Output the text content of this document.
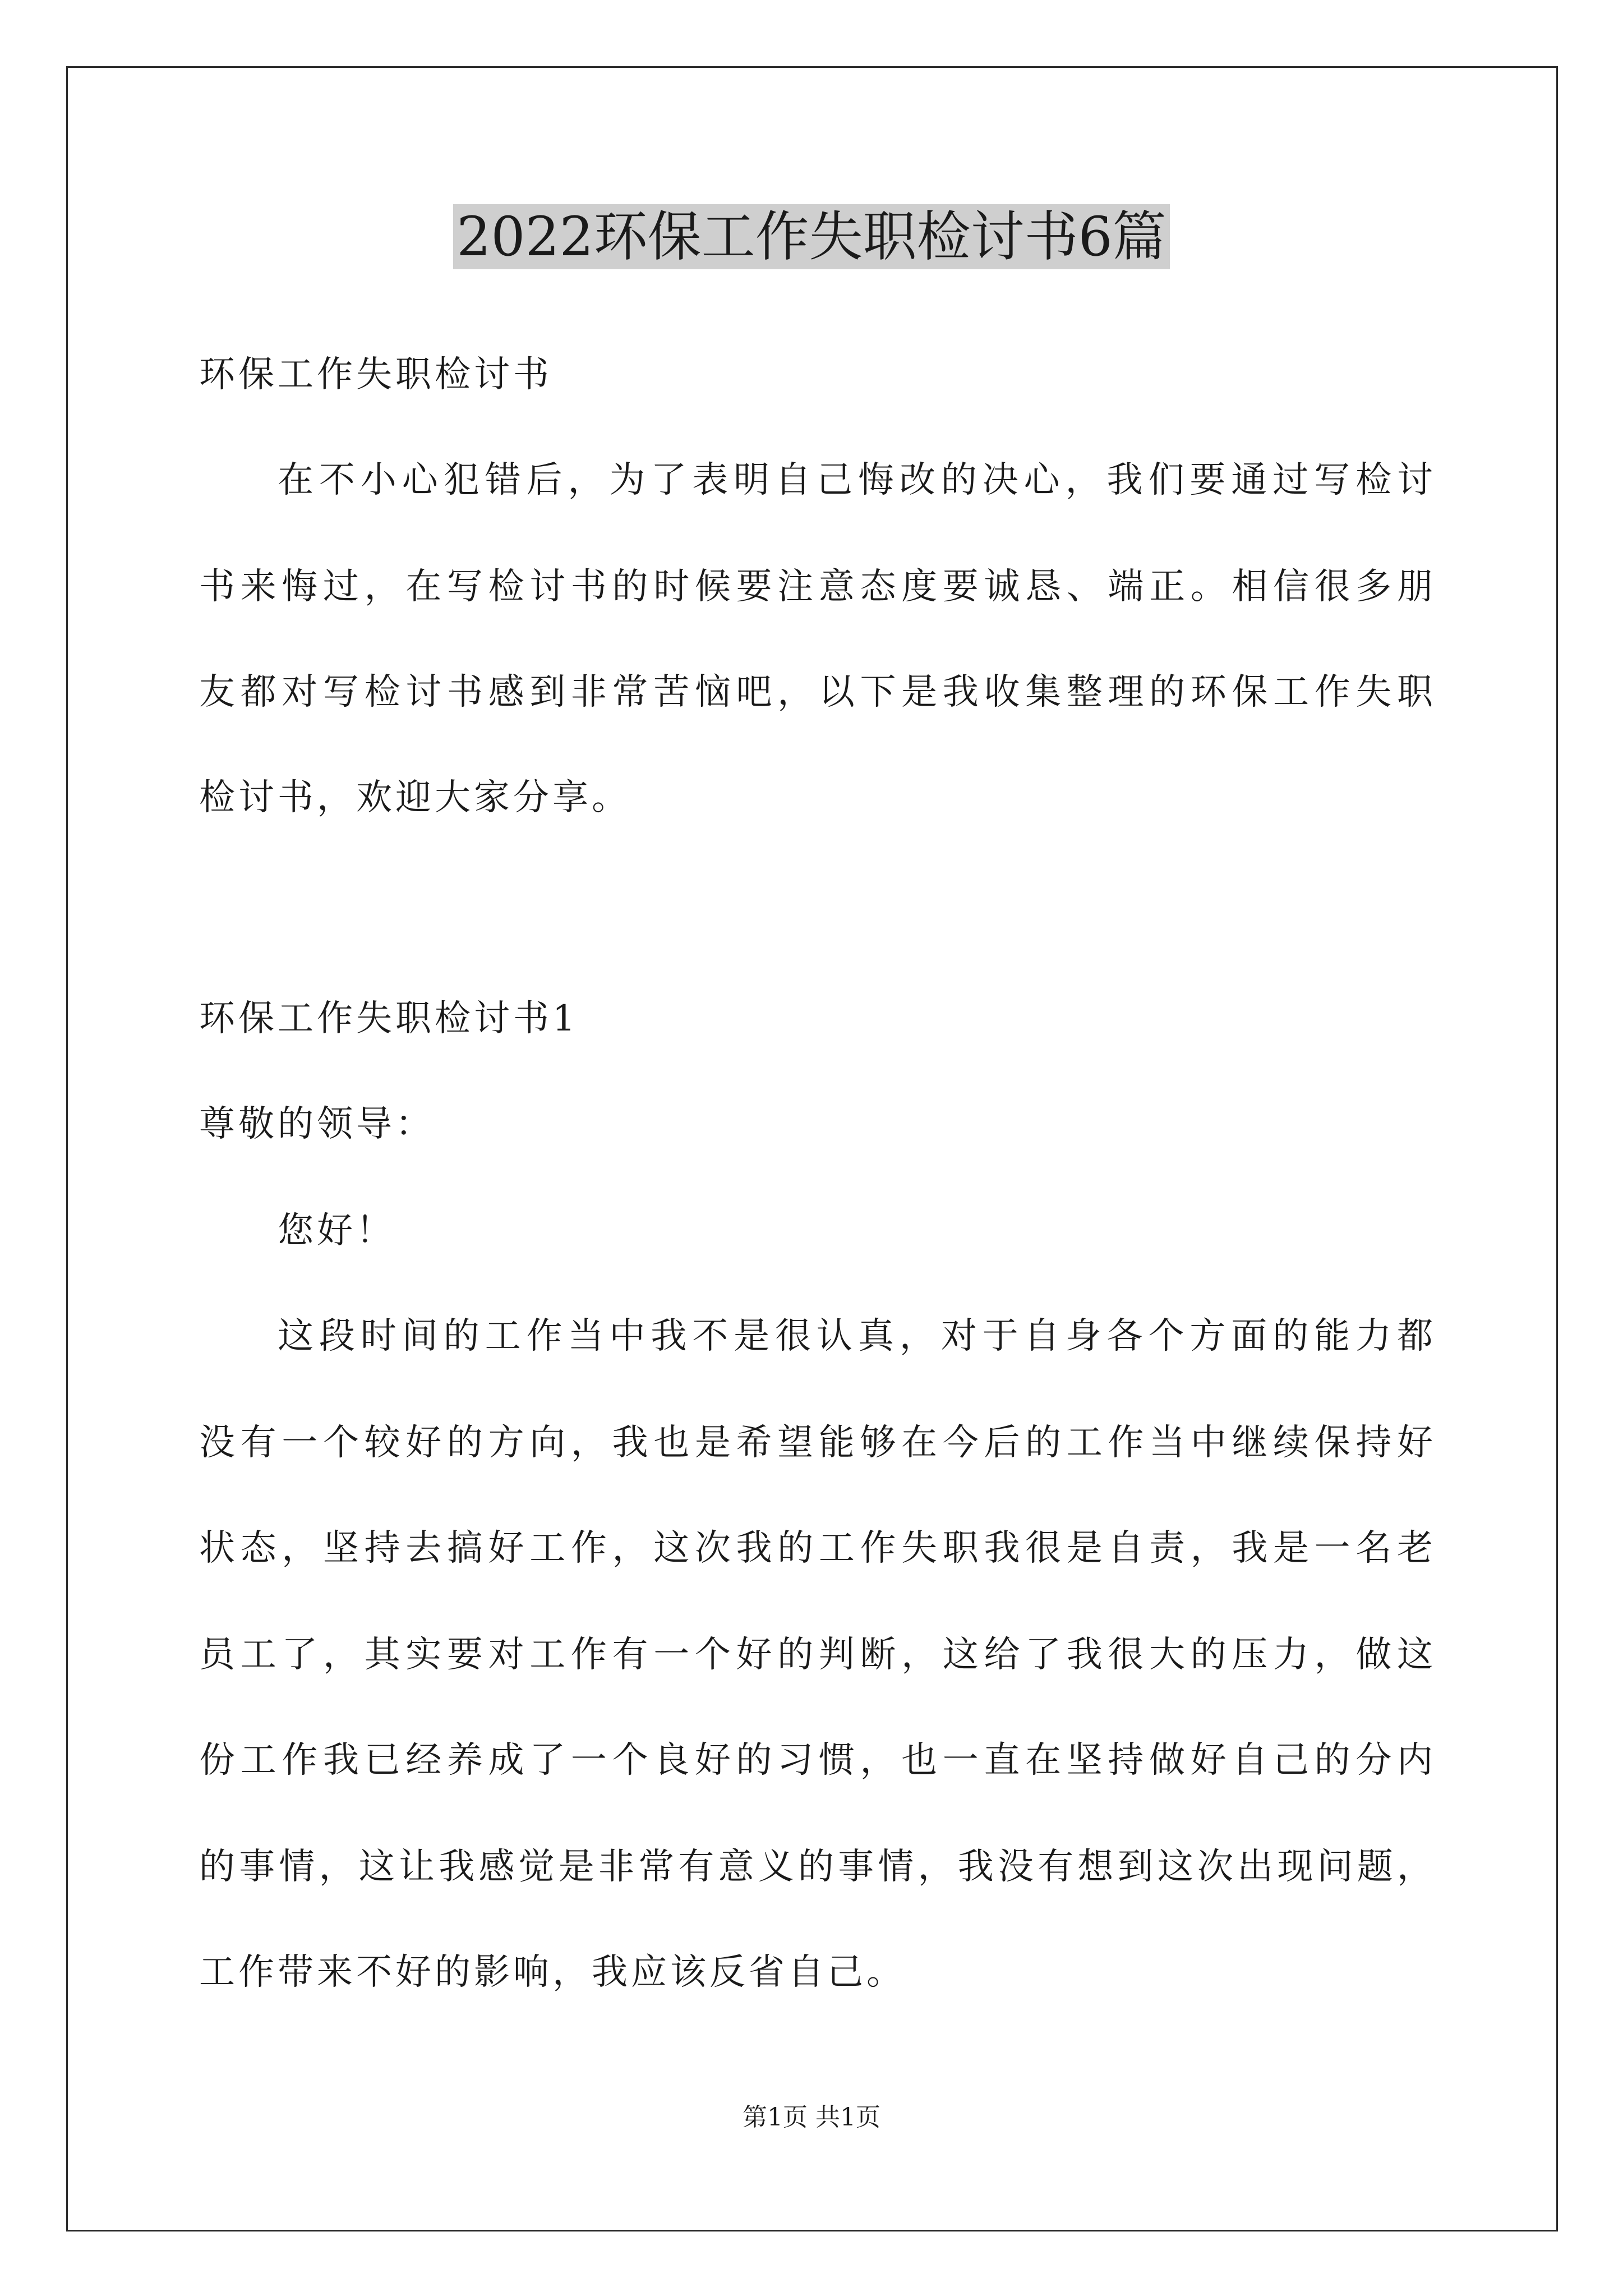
2022环保工作失职检讨书6篇
环保工作失职检讨书
在不小心犯错后，为了表明自己悔改的决心，我们要通过写检讨
书来悔过，在写检讨书的时候要注意态度要诚恳、端正。相信很多朋
友都对写检讨书感到非常苦恼吧，以下是我收集整理的环保工作失职
检讨书，欢迎大家分享。
环保工作失职检讨书1
尊敬的领导：
您好！
这段时间的工作当中我不是很认真，对于自身各个方面的能力都
没有一个较好的方向，我也是希望能够在今后的工作当中继续保持好
状态，坚持去搞好工作，这次我的工作失职我很是自责，我是一名老
员工了，其实要对工作有一个好的判断，这给了我很大的压力，做这
份工作我已经养成了一个良好的习惯，也一直在坚持做好自己的分内
的事情，这让我感觉是非常有意义的事情，我没有想到这次出现问题，
工作带来不好的影响，我应该反省自己。
第1页 共1页
